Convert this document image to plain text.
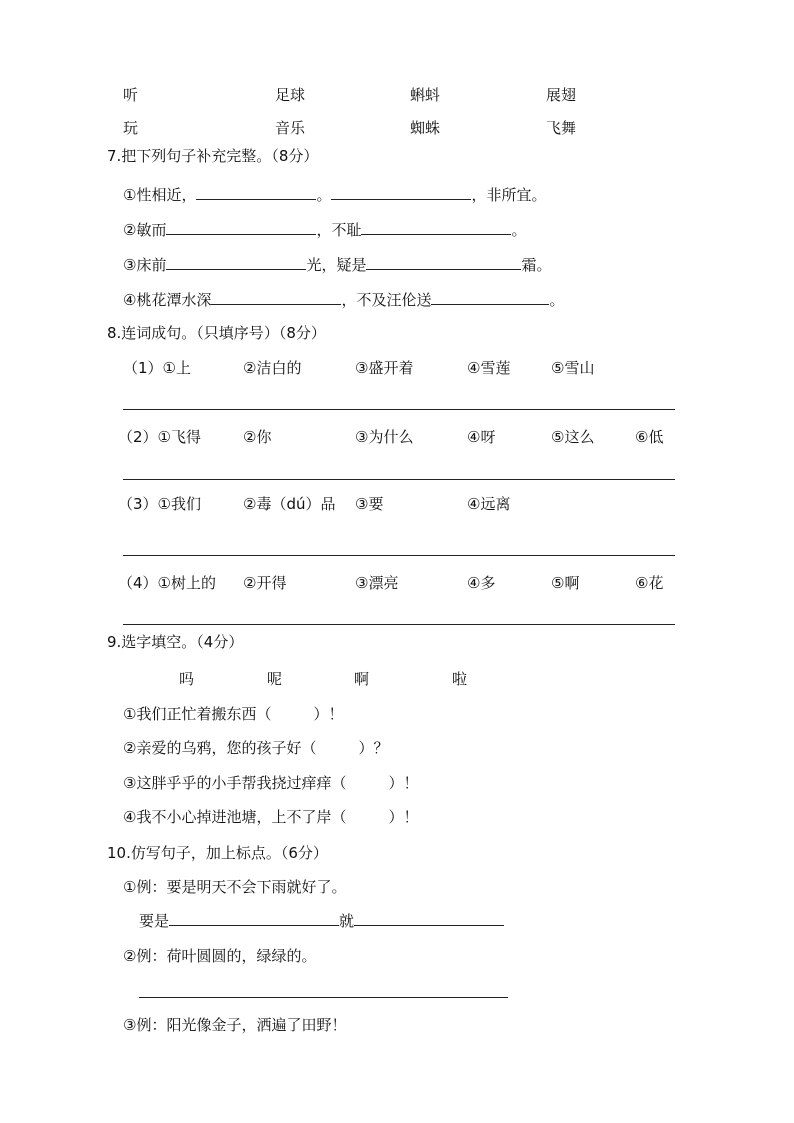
听	足球	蝌蚪	展翅
玩	音乐	蜘蛛	飞舞
7.把下列句子补充完整。（8分）
①性相近，	。	，非所宜。
②敏而	，不耻	。
③床前	光，疑是	霜。
④桃花潭水深	，不及汪伦送	。
8.连词成句。（只填序号）（8分）
（1）①上	②洁白的	③盛开着	④雪莲	⑤雪山
（2）①飞得	②你	③为什么	④呀	⑤这么	⑥低
（3）①我们	②毒（dú）品 ③要	④远离
（4）①树上的 ②开得	③漂亮	④多	⑤啊	⑥花
9.选字填空。（4分）
吗	呢	啊	啦
①我们正忙着搬东西（	）！
②亲爱的乌鸦，您的孩子好（	）？
③这胖乎乎的小手帮我挠过痒痒（	）！
④我不小心掉进池塘，上不了岸（	）！
10.仿写句子，加上标点。（6分）
①例：要是明天不会下雨就好了。
要是	就
②例：荷叶圆圆的，绿绿的。
③例：阳光像金子，洒遍了田野！
